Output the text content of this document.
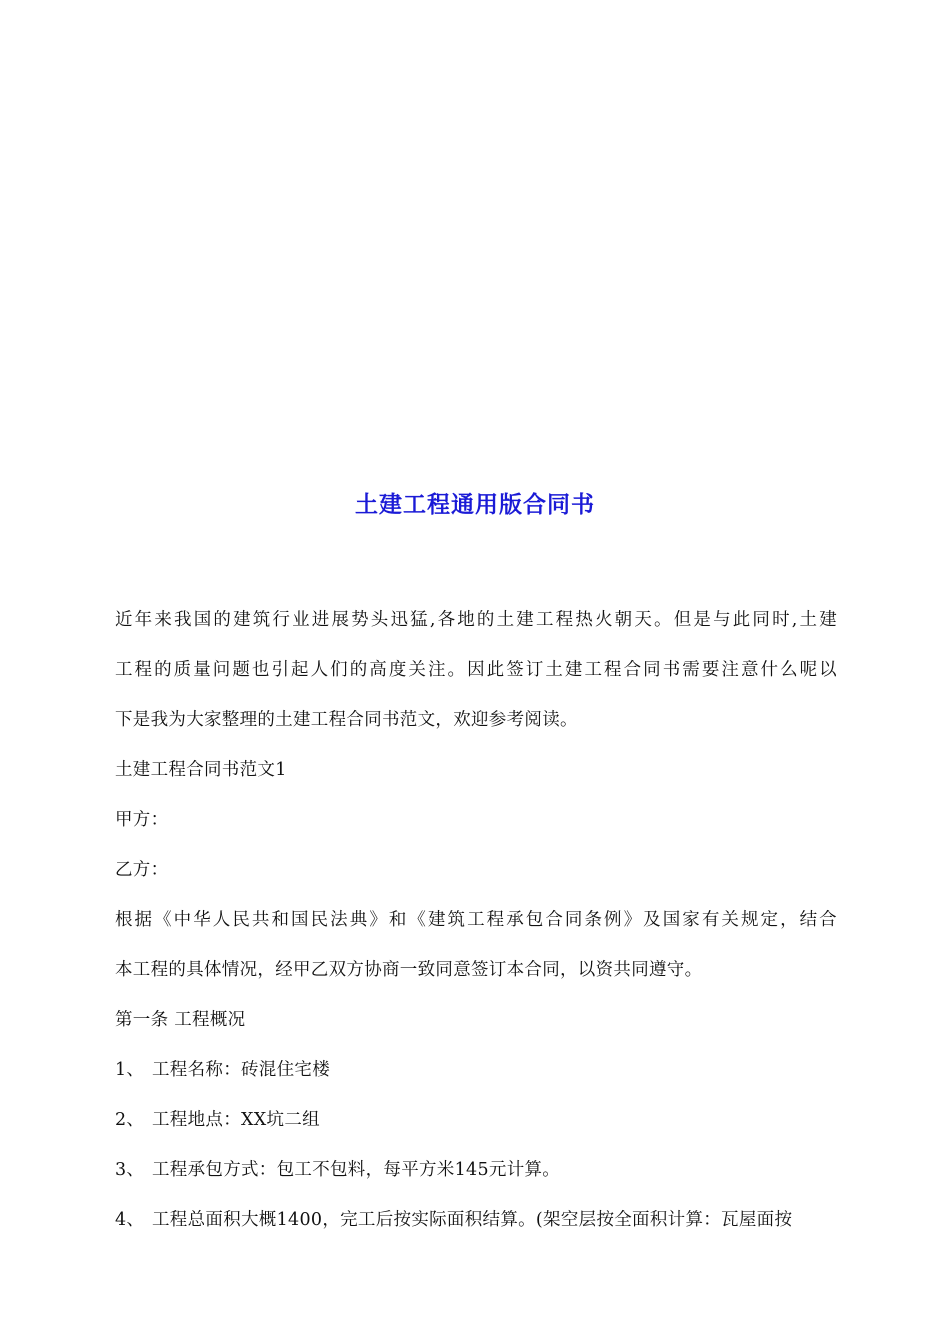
土建工程通用版合同书
近年来我国的建筑行业进展势头迅猛,各地的土建工程热火朝天。但是与此同时,土建
工程的质量问题也引起人们的高度关注。因此签订土建工程合同书需要注意什么呢以
下是我为大家整理的土建工程合同书范文，欢迎参考阅读。
土建工程合同书范文1
甲方：
乙方：
根据《中华人民共和国民法典》和《建筑工程承包合同条例》及国家有关规定，结合
本工程的具体情况，经甲乙双方协商一致同意签订本合同，以资共同遵守。
第一条 工程概况
1、 工程名称：砖混住宅楼
2、 工程地点：XX坑二组
3、 工程承包方式：包工不包料，每平方米145元计算。
4、 工程总面积大概1400，完工后按实际面积结算。(架空层按全面积计算：瓦屋面按
